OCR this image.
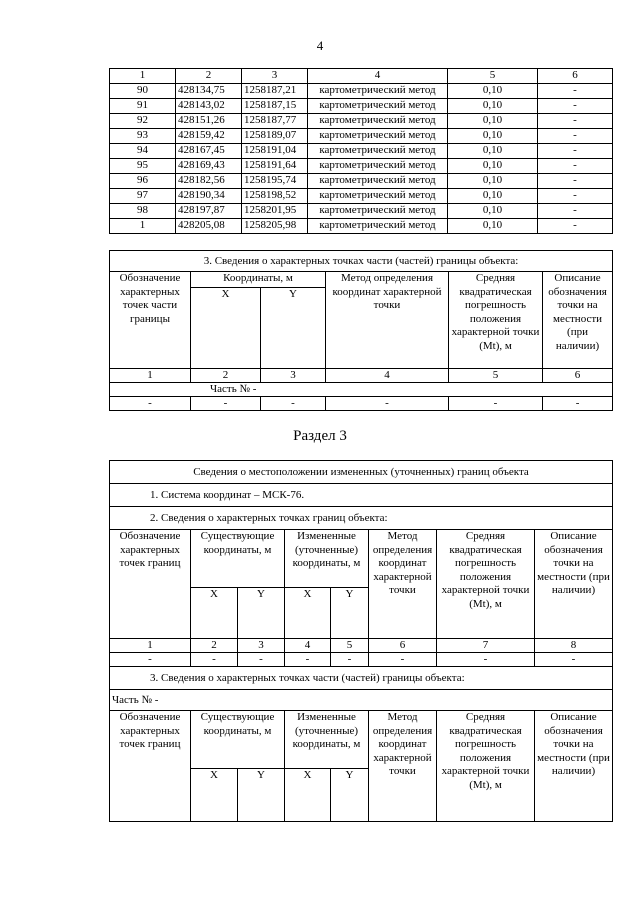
4
1	2	3	4	5	6
90	428134,75	1258187,21	картометрический метод	0,10	-
91	428143,02	1258187,15	картометрический метод	0,10	-
92	428151,26	1258187,77	картометрический метод	0,10	-
93	428159,42	1258189,07	картометрический метод	0,10	-
94	428167,45	1258191,04	картометрический метод	0,10	-
95	428169,43	1258191,64	картометрический метод	0,10	-
96	428182,56	1258195,74	картометрический метод	0,10	-
97	428190,34	1258198,52	картометрический метод	0,10	-
98	428197,87	1258201,95	картометрический метод	0,10	-
1	428205,08	1258205,98	картометрический метод	0,10	-
3. Сведения о характерных точках части (частей) границы объекта:					
Обозначение характерных точек части границы	Координаты, м		Метод определения координат характерной точки	Средняя квадратическая погрешность положения характерной точки (Mt), м	Описание обозначения точки на местности (при наличии)
	X	Y			
1	2	3	4	5	6
Часть № -					
-	-	-	-	-	-
Раздел 3
Сведения о местоположении измененных (уточненных) границ объекта							
1. Система координат – МСК-76.							
2. Сведения о характерных точках границ объекта:							
Обозначение характерных точек границ	Существующие координаты, м		Измененные (уточненные) координаты, м		Метод определения координат характерной точки	Средняя квадратическая погрешность положения характерной точки (Mt), м	Описание обозначения точки на местности (при наличии)
	X	Y	X	Y			
1	2	3	4	5	6	7	8
-	-	-	-	-	-	-	-
3. Сведения о характерных точках части (частей) границы объекта:							
Часть № -							
Обозначение характерных точек границ	Существующие координаты, м		Измененные (уточненные) координаты, м		Метод определения координат характерной точки	Средняя квадратическая погрешность положения характерной точки (Mt), м	Описание обозначения точки на местности (при наличии)
	X	Y	X	Y			
